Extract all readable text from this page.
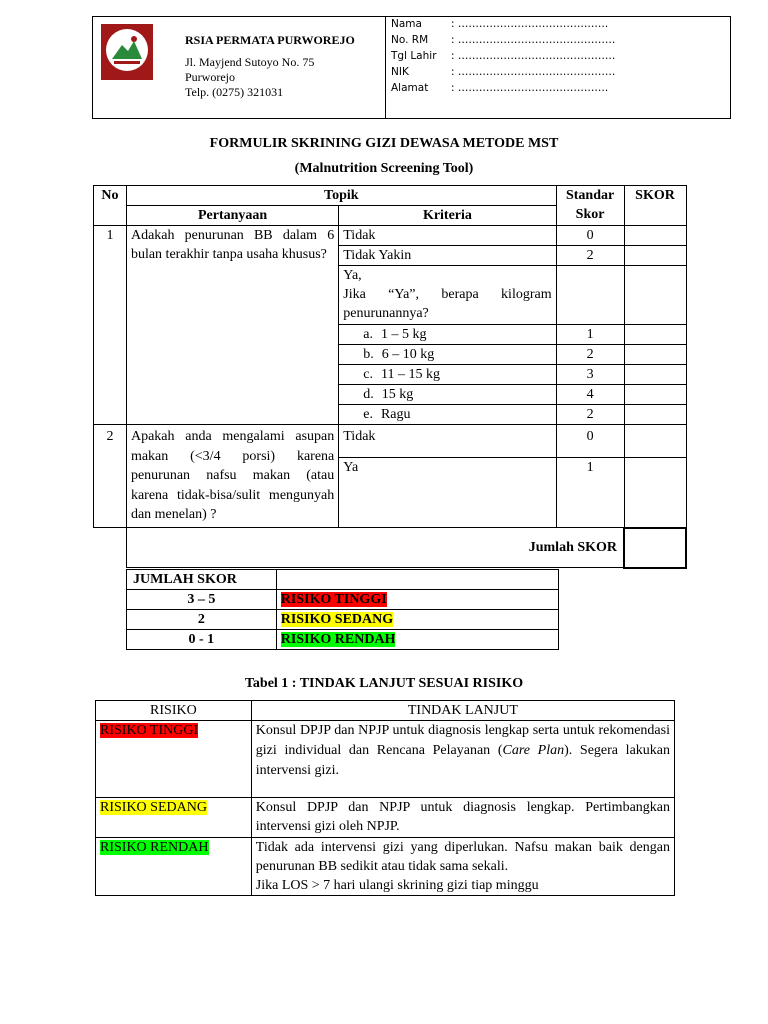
RSIA PERMATA PURWOREJO
Jl. Mayjend Sutoyo No. 75
Purworejo
Telp. (0275) 321031
Nama	: …………………………………….
No. RM : ………………………………………
Tgl Lahir : ………………………………………
NIK	: ………………………………………
Alamat : …………………………………….
FORMULIR SKRINING GIZI DEWASA METODE MST
(Malnutrition Screening Tool)
No	Topik		Standar Skor	SKOR
	Pertanyaan	Kriteria		
1	Adakah penurunan BB dalam 6 bulan terakhir tanpa usaha khusus?	Tidak	0	
		Tidak Yakin	2	

		Ya,
Jika “Ya”, berapa kilogram penurunannya?		

		a. 1 – 5 kg	1	
		b. 6 – 10 kg	2	
		c. 11 – 15 kg	3	
		d. 15 kg	4	
		e. Ragu	2	
2	Apakah anda mengalami asupan makan (<3/4 porsi) karena penurunan nafsu makan (atau karena tidak-bisa/sulit mengunyah dan menelan) ?	Tidak	0	
		Ya	1	
	Jumlah SKOR			
JUMLAH SKOR	
3 – 5	RISIKO TINGGI
2	RISIKO SEDANG
0 - 1	RISIKO RENDAH
Tabel 1 : TINDAK LANJUT SESUAI RISIKO
RISIKO	TINDAK LANJUT
RISIKO TINGGI	Konsul DPJP dan NPJP untuk diagnosis lengkap serta untuk rekomendasi gizi individual dan Rencana Pelayanan (Care Plan). Segera lakukan intervensi gizi.
RISIKO SEDANG	Konsul DPJP dan NPJP untuk diagnosis lengkap. Pertimbangkan intervensi gizi oleh NPJP.
RISIKO RENDAH	Tidak ada intervensi gizi yang diperlukan. Nafsu makan baik dengan penurunan BB sedikit atau tidak sama sekali.
Jika LOS > 7 hari ulangi skrining gizi tiap minggu
